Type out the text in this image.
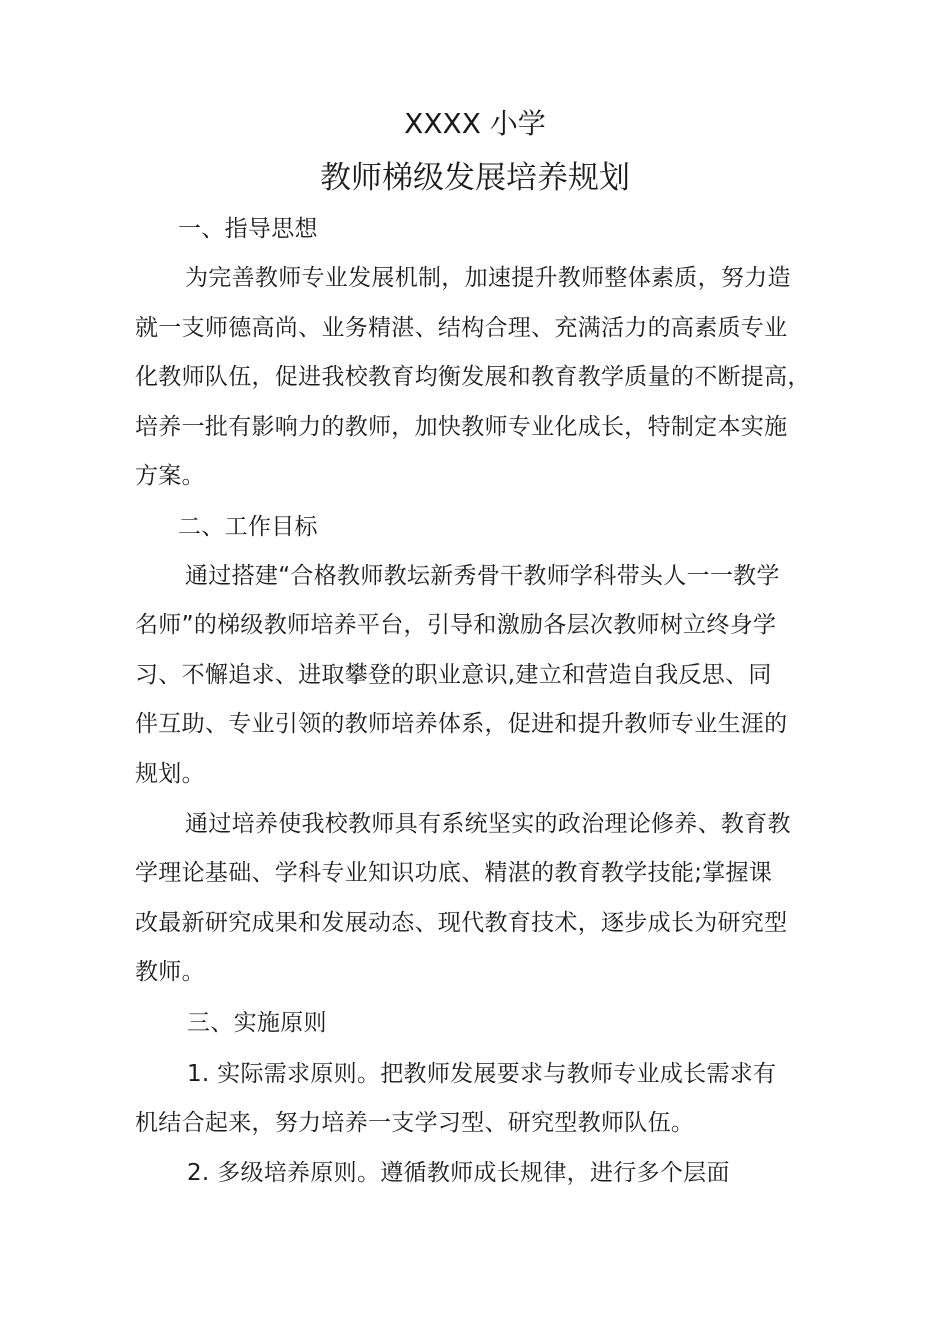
XXXX 小学
教师梯级发展培养规划
一、指导思想
为完善教师专业发展机制，加速提升教师整体素质，努力造
就一支师德高尚、业务精湛、结构合理、充满活力的高素质专业
化教师队伍，促进我校教育均衡发展和教育教学质量的不断提高，
培养一批有影响力的教师，加快教师专业化成长，特制定本实施
方案。
二、工作目标
通过搭建“合格教师教坛新秀骨干教师学科带头人一一教学
名师”的梯级教师培养平台，引导和激励各层次教师树立终身学
习、不懈追求、进取攀登的职业意识,建立和营造自我反思、同
伴互助、专业引领的教师培养体系，促进和提升教师专业生涯的
规划。
通过培养使我校教师具有系统坚实的政治理论修养、教育教
学理论基础、学科专业知识功底、精湛的教育教学技能;掌握课
改最新研究成果和发展动态、现代教育技术，逐步成长为研究型
教师。
三、实施原则
1. 实际需求原则。把教师发展要求与教师专业成长需求有
机结合起来，努力培养一支学习型、研究型教师队伍。
2. 多级培养原则。遵循教师成长规律，进行多个层面
